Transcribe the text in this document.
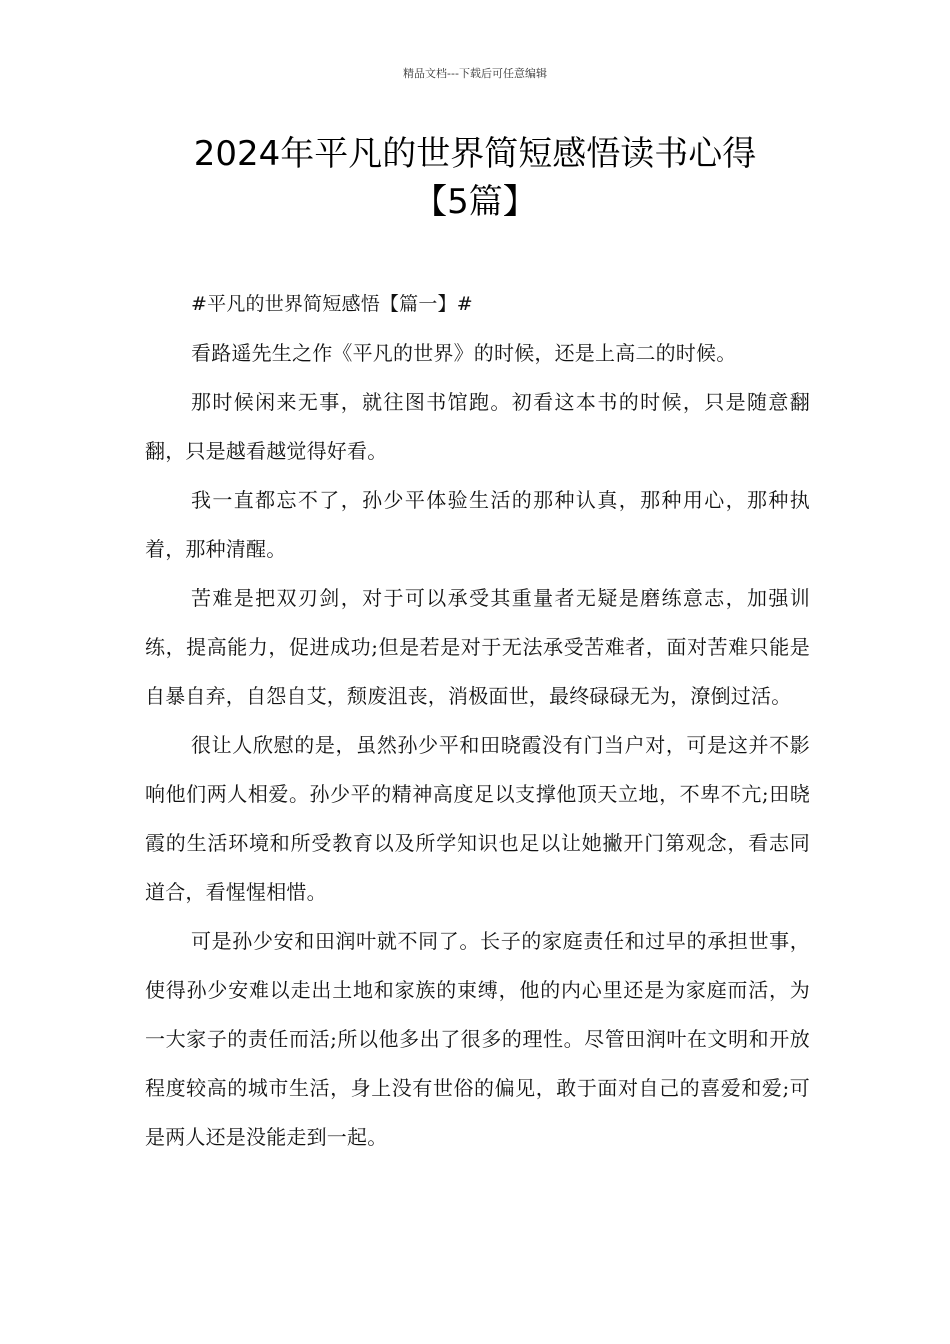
精品文档---下载后可任意编辑
2024年平凡的世界简短感悟读书心得
【5篇】

#平凡的世界简短感悟【篇一】#

看路遥先生之作《平凡的世界》的时候，还是上高二的时候。

那时候闲来无事，就往图书馆跑。初看这本书的时候，只是随意翻翻，只是越看越觉得好看。

我一直都忘不了，孙少平体验生活的那种认真，那种用心，那种执着，那种清醒。

苦难是把双刃剑，对于可以承受其重量者无疑是磨练意志，加强训练，提高能力，促进成功;但是若是对于无法承受苦难者，面对苦难只能是自暴自弃，自怨自艾，颓废沮丧，消极面世，最终碌碌无为，潦倒过活。

很让人欣慰的是，虽然孙少平和田晓霞没有门当户对，可是这并不影响他们两人相爱。孙少平的精神高度足以支撑他顶天立地，不卑不亢;田晓霞的生活环境和所受教育以及所学知识也足以让她撇开门第观念，看志同道合，看惺惺相惜。

可是孙少安和田润叶就不同了。长子的家庭责任和过早的承担世事，使得孙少安难以走出土地和家族的束缚，他的内心里还是为家庭而活，为一大家子的责任而活;所以他多出了很多的理性。尽管田润叶在文明和开放程度较高的城市生活，身上没有世俗的偏见，敢于面对自己的喜爱和爱;可是两人还是没能走到一起。
